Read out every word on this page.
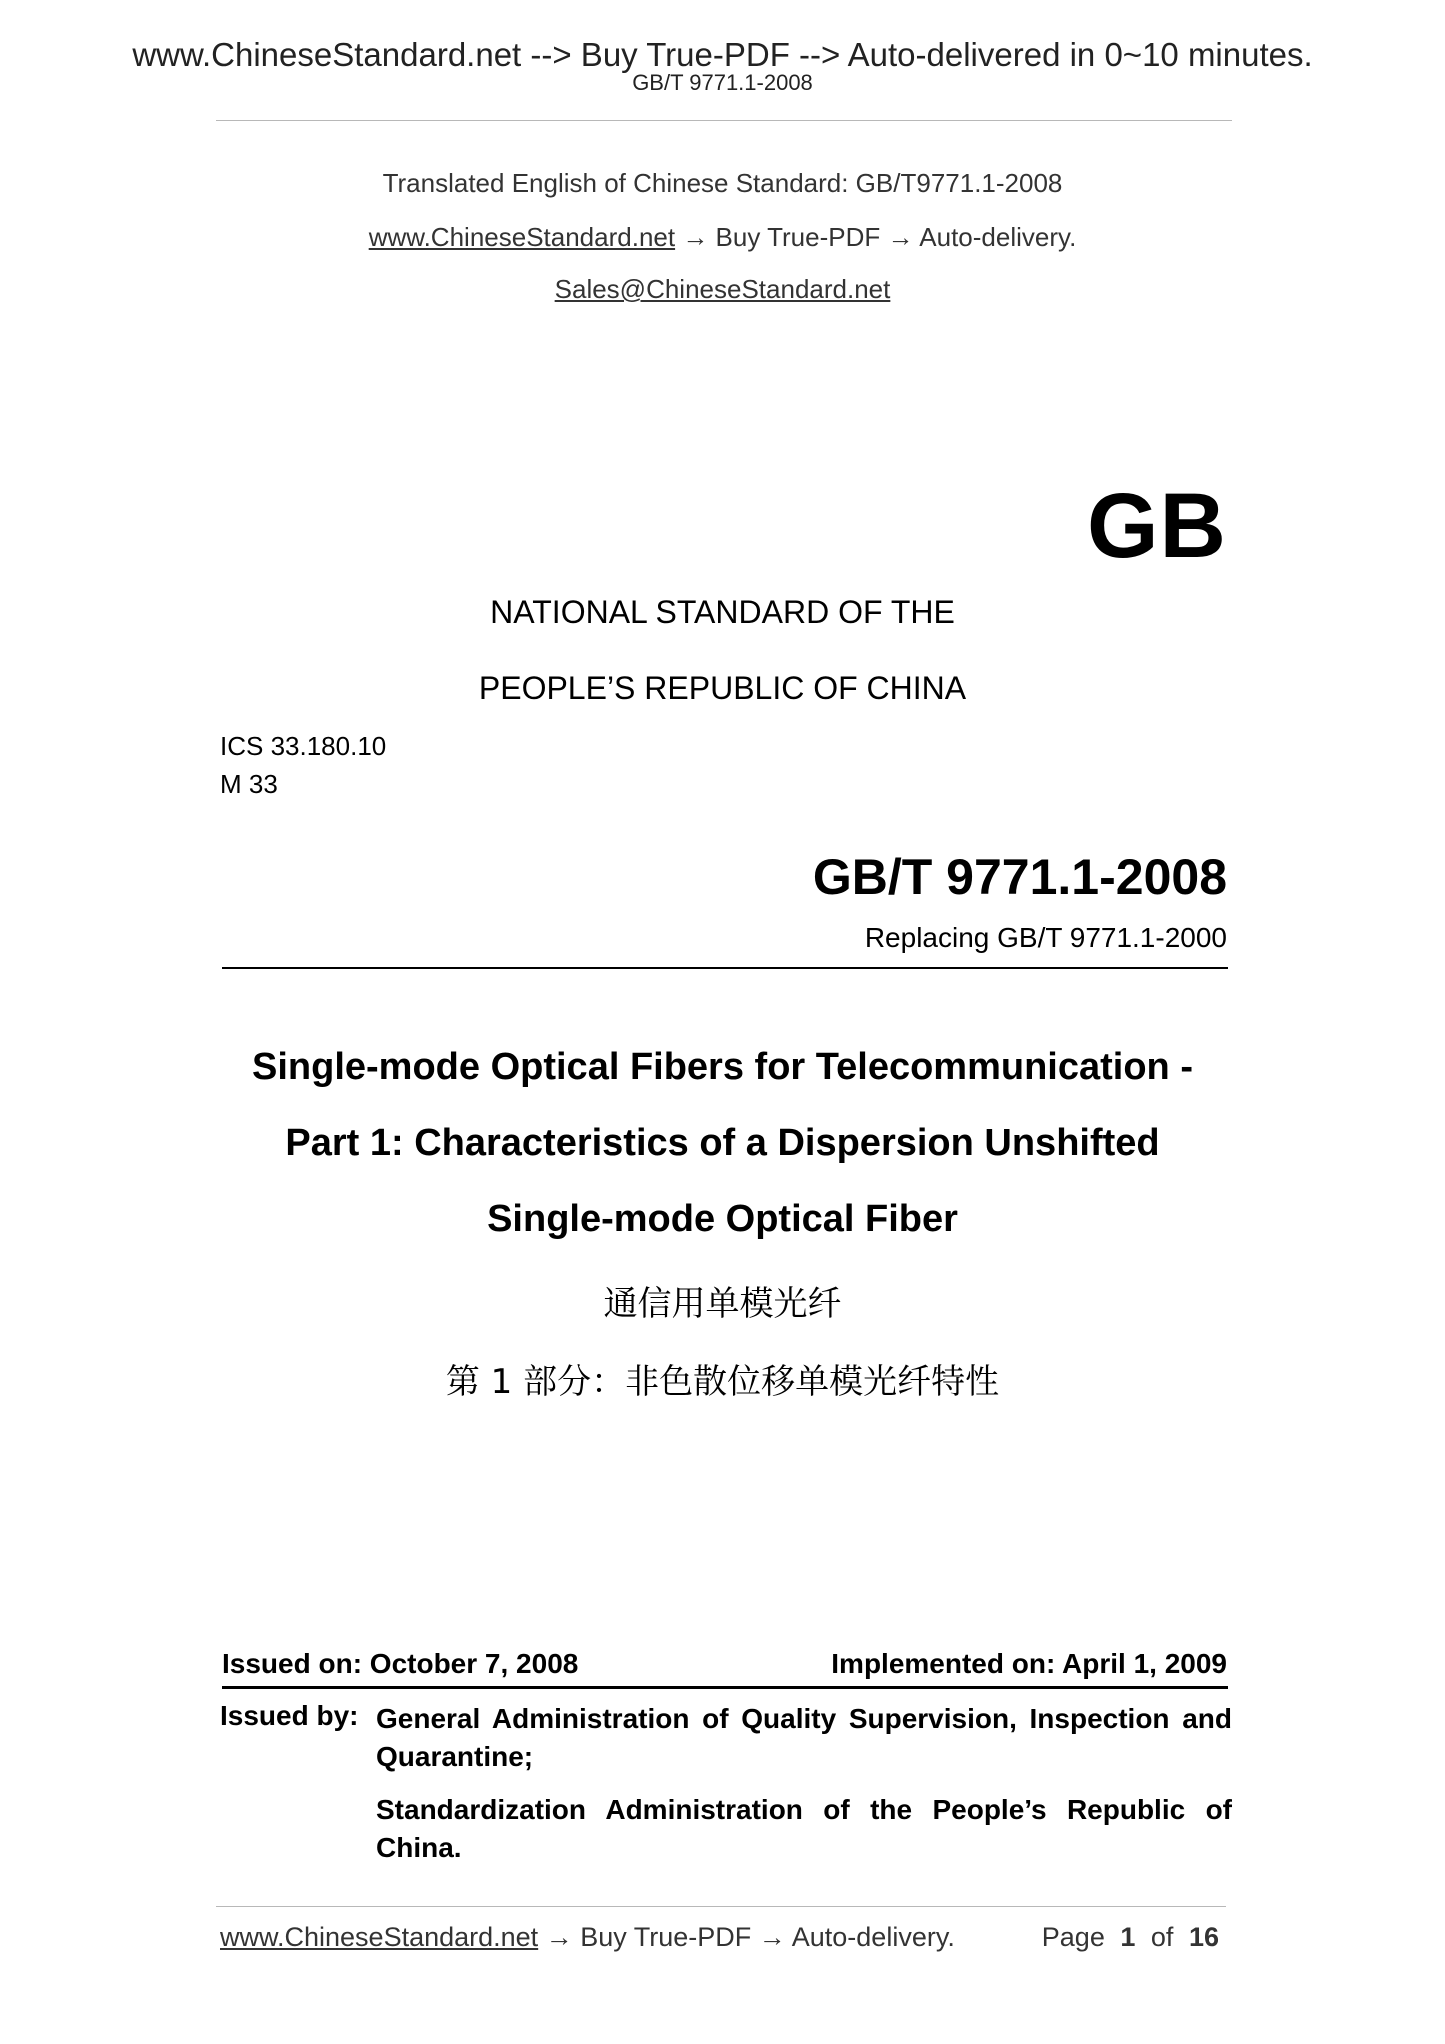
www.ChineseStandard.net --> Buy True-PDF --> Auto-delivered in 0~10 minutes.
GB/T 9771.1-2008
Translated English of Chinese Standard: GB/T9771.1-2008
www.ChineseStandard.net → Buy True-PDF → Auto-delivery.
Sales@ChineseStandard.net
GB
NATIONAL STANDARD OF THE
PEOPLE’S REPUBLIC OF CHINA
ICS 33.180.10
M 33
GB/T 9771.1-2008
Replacing GB/T 9771.1-2000
Single-mode Optical Fibers for Telecommunication -
Part 1: Characteristics of a Dispersion Unshifted
Single-mode Optical Fiber
通信用单模光纤
第 1 部分：非色散位移单模光纤特性
Issued on: October 7, 2008	Implemented on: April 1, 2009
Issued by: General Administration of Quality Supervision, Inspection and Quarantine;
Standardization Administration of the People’s Republic of China.
www.ChineseStandard.net → Buy True-PDF → Auto-delivery.	Page 1 of 16
